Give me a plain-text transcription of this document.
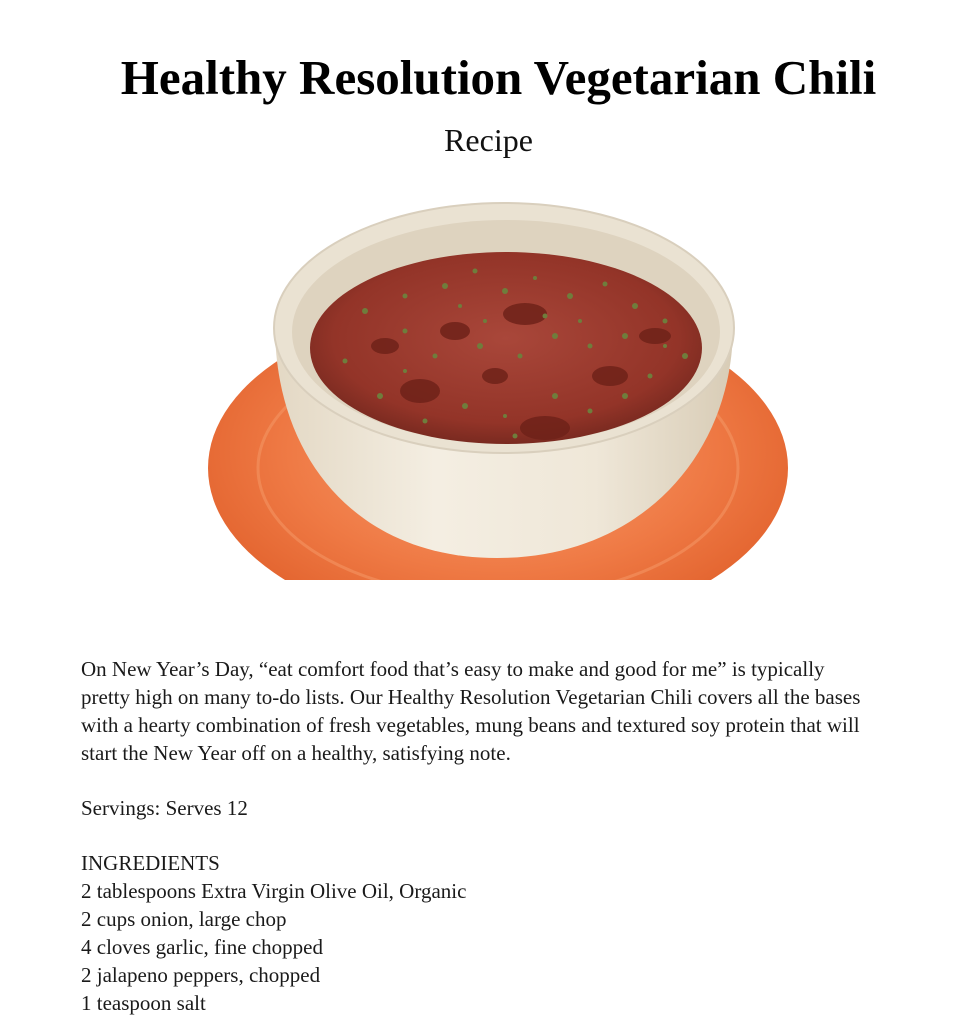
Healthy Resolution Vegetarian Chili
Recipe

On New Year’s Day, “eat comfort food that’s easy to make and good for me” is typically pretty high on many to-do lists. Our Healthy Resolution Vegetarian Chili covers all the bases with a hearty combination of fresh vegetables, mung beans and textured soy protein that will start the New Year off on a healthy, satisfying note.

Servings: Serves 12

INGREDIENTS

2 tablespoons Extra Virgin Olive Oil, Organic
2 cups onion, large chop
4 cloves garlic, fine chopped
2 jalapeno peppers, chopped
1 teaspoon salt
